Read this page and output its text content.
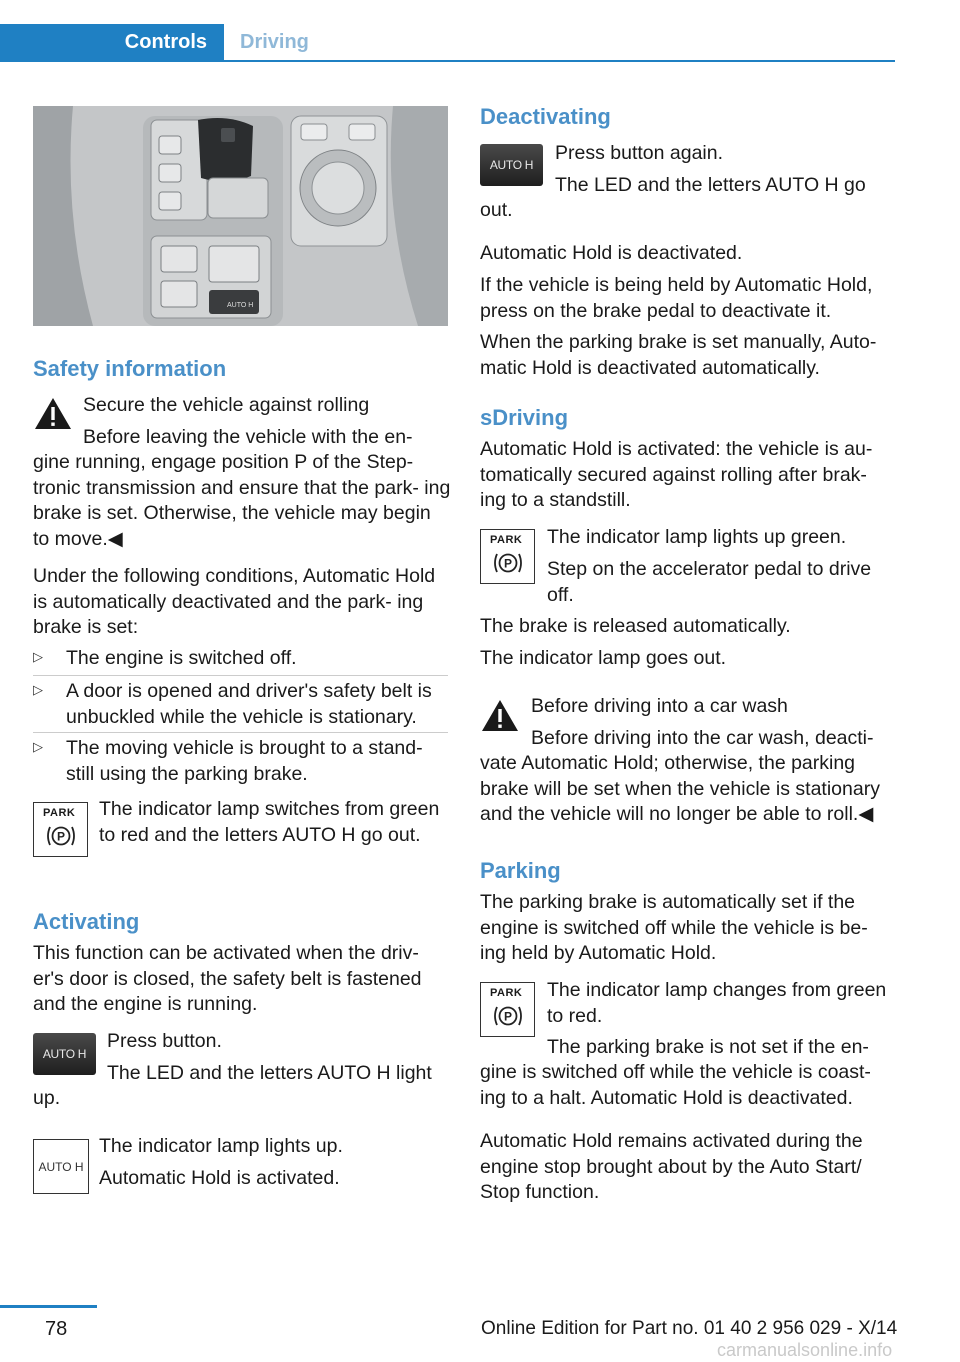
Controls	Driving
AUTO H
Safety information

Secure the vehicle against rolling

Before leaving the vehicle with the en‐

gine running, engage position P of the Step‐ tronic transmission and ensure that the park‐ ing brake is set. Otherwise, the vehicle may begin to move.◀

Under the following conditions, Automatic Hold is automatically deactivated and the park‐ ing brake is set:

▷ The engine is switched off.
▷ A door is opened and driver's safety belt is unbuckled while the vehicle is stationary.
▷ The moving vehicle is brought to a stand‐ still using the parking brake.
PARK
P

The indicator lamp switches from green to red and the letters AUTO H go out.

Activating

This function can be activated when the driv‐ er's door is closed, the safety belt is fastened and the engine is running.

AUTO H

Press button.

The LED and the letters AUTO H light

up.

AUTO H

The indicator lamp lights up.

Automatic Hold is activated.

Deactivating
AUTO H

Press button again.

The LED and the letters AUTO H go

out.

Automatic Hold is deactivated.

If the vehicle is being held by Automatic Hold, press on the brake pedal to deactivate it.

When the parking brake is set manually, Auto‐ matic Hold is deactivated automatically.

sDriving

Automatic Hold is activated: the vehicle is au‐ tomatically secured against rolling after brak‐ ing to a standstill.

PARK
P

The indicator lamp lights up green.

Step on the accelerator pedal to drive off.

The brake is released automatically.

The indicator lamp goes out.

Before driving into a car wash

Before driving into the car wash, deacti‐

vate Automatic Hold; otherwise, the parking brake will be set when the vehicle is stationary and the vehicle will no longer be able to roll.◀

Parking

The parking brake is automatically set if the engine is switched off while the vehicle is be‐ ing held by Automatic Hold.

PARK
P

The indicator lamp changes from green to red.

The parking brake is not set if the en‐

gine is switched off while the vehicle is coast‐ ing to a halt. Automatic Hold is deactivated.

Automatic Hold remains activated during the engine stop brought about by the Auto Start/ Stop function.

78	Online Edition for Part no. 01 40 2 956 029 - X/14
carmanualsonline.info
